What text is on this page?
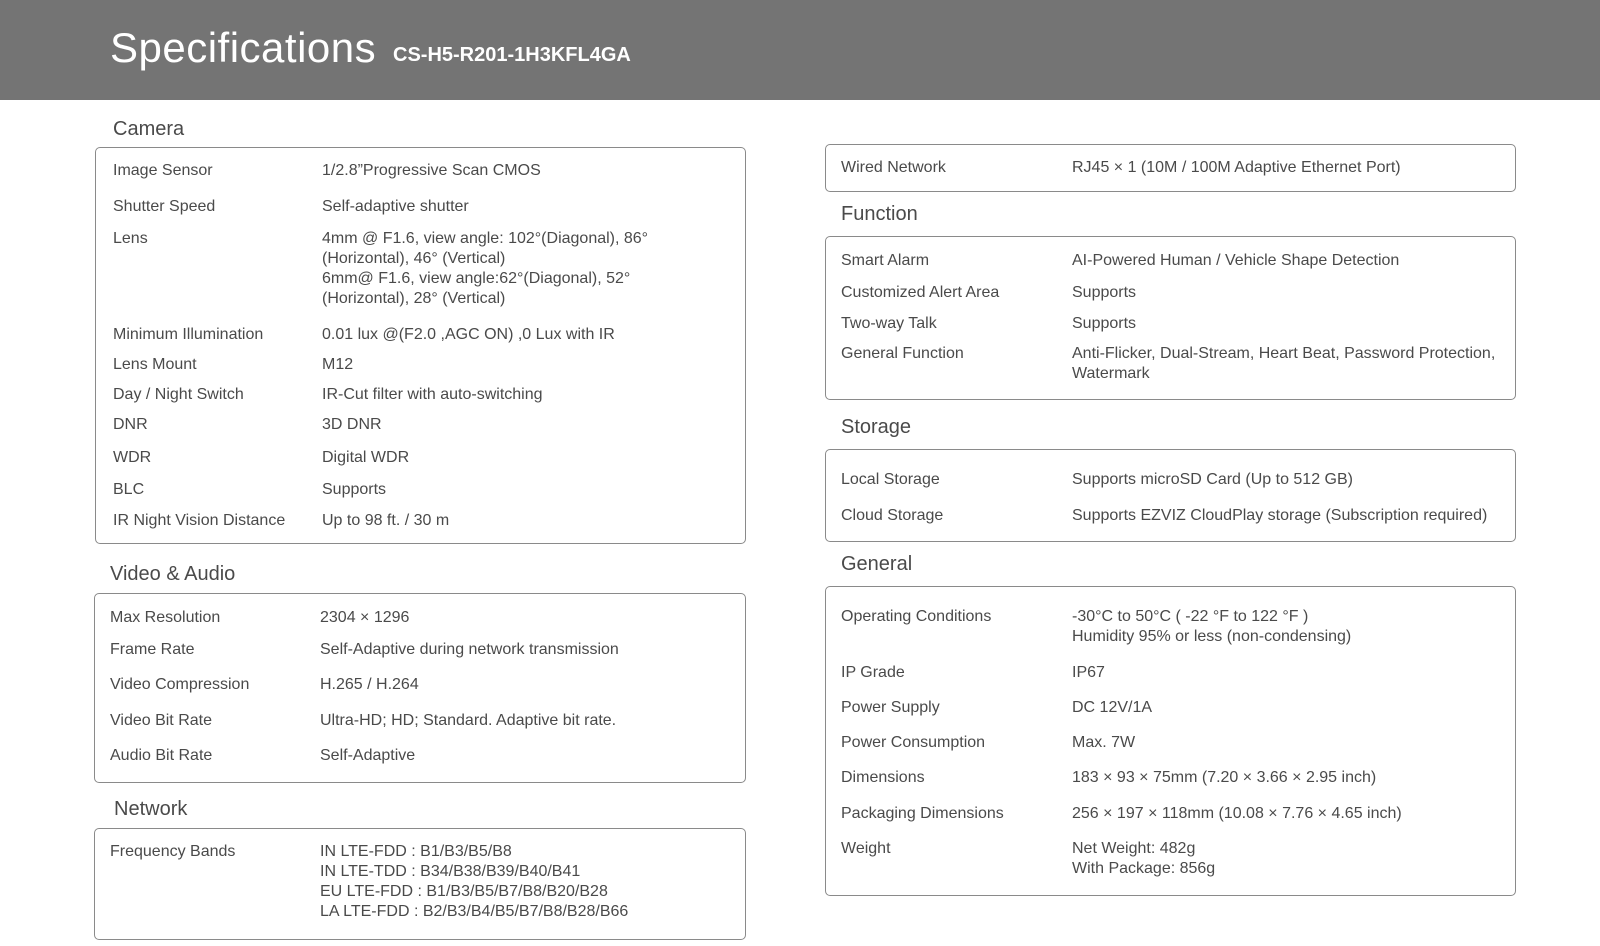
Specifications CS-H5-R201-1H3KFL4GA
Camera
Image Sensor	1/2.8”Progressive Scan CMOS
Shutter Speed	Self-adaptive shutter
Lens	4mm @ F1.6, view angle: 102°(Diagonal), 86°
(Horizontal), 46° (Vertical)
6mm@ F1.6, view angle:62°(Diagonal), 52°
(Horizontal), 28° (Vertical)
Minimum Illumination	0.01 lux @(F2.0 ,AGC ON) ,0 Lux with IR
Lens Mount	M12
Day / Night Switch	IR-Cut filter with auto-switching
DNR	3D DNR
WDR	Digital WDR
BLC	Supports
IR Night Vision Distance Up to 98 ft. / 30 m
Video & Audio
Max Resolution	2304 × 1296
Frame Rate	Self-Adaptive during network transmission
Video Compression	H.265 / H.264
Video Bit Rate	Ultra-HD; HD; Standard. Adaptive bit rate.
Audio Bit Rate	Self-Adaptive
Network
Frequency Bands	IN LTE-FDD : B1/B3/B5/B8
IN LTE-TDD : B34/B38/B39/B40/B41
EU LTE-FDD : B1/B3/B5/B7/B8/B20/B28
LA LTE-FDD : B2/B3/B4/B5/B7/B8/B28/B66
Wired Network	RJ45 × 1 (10M / 100M Adaptive Ethernet Port)
Function
Smart Alarm	AI-Powered Human / Vehicle Shape Detection
Customized Alert Area	Supports
Two-way Talk	Supports
General Function	Anti-Flicker, Dual-Stream, Heart Beat, Password Protection,
Watermark
Storage
Local Storage	Supports microSD Card (Up to 512 GB)
Cloud Storage	Supports EZVIZ CloudPlay storage (Subscription required)
General
Operating Conditions	-30°C to 50°C ( -22 °F to 122 °F )
Humidity 95% or less (non-condensing)
IP Grade	IP67
Power Supply	DC 12V/1A
Power Consumption	Max. 7W
Dimensions	183 × 93 × 75mm (7.20 × 3.66 × 2.95 inch)
Packaging Dimensions	256 × 197 × 118mm (10.08 × 7.76 × 4.65 inch)
Weight	Net Weight: 482g
With Package: 856g
